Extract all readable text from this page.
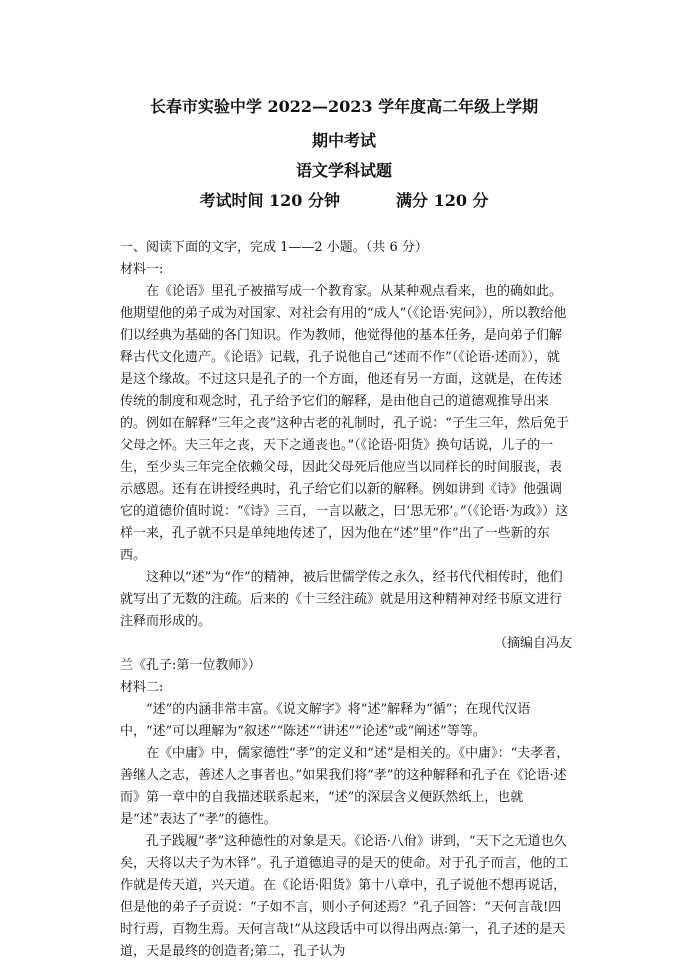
长春市实验中学 2022—2023 学年度高二年级上学期
期中考试
语文学科试题
考试时间 120 分钟	满分 120 分

一、阅读下面的文字，完成 1——2 小题。（共 6 分）

材料一:

在《论语》里孔子被描写成一个教育家。从某种观点看来，也的确如此。他期望他的弟子成为对国家、对社会有用的“成人”（《论语·宪问》），所以教给他们以经典为基础的各门知识。作为教师，他觉得他的基本任务，是向弟子们解释古代文化遗产。《论语》记载，孔子说他自己“述而不作”（《论语·述而》），就是这个缘故。不过这只是孔子的一个方面，他还有另一方面，这就是，在传述传统的制度和观念时，孔子给予它们的解释，是由他自己的道德观推导出来的。例如在解释“三年之丧”这种古老的礼制时，孔子说：“子生三年，然后免于父母之怀。夫三年之丧，天下之通丧也。”（《论语·阳货》换句话说，儿子的一生，至少头三年完全依赖父母，因此父母死后他应当以同样长的时间服丧，表示感恩。还有在讲授经典时，孔子给它们以新的解释。例如讲到《诗》他强调它的道德价值时说：“《诗》三百，一言以蔽之，曰‘思无邪’。”（《论语·为政》）这样一来，孔子就不只是单纯地传述了，因为他在“述”里“作”出了一些新的东西。

这种以“述”为“作”的精神，被后世儒学传之永久，经书代代相传时，他们就写出了无数的注疏。后来的《十三经注疏》就是用这种精神对经书原文进行注释而形成的。

（摘编自冯友

兰《孔子:第一位教师》）

材料二:

“述”的内涵非常丰富。《说文解字》将“述”解释为“循”；在现代汉语中，“述”可以理解为“叙述”“陈述”“讲述”“论述”或“阐述”等等。

在《中庸》中，儒家德性“孝”的定义和“述”是相关的。《中庸》：“夫孝者，善继人之志，善述人之事者也。”如果我们将“孝”的这种解释和孔子在《论语·述而》第一章中的自我描述联系起来，“述”的深层含义便跃然纸上，也就是“述”表达了“孝”的德性。

孔子践履“孝”这种德性的对象是天。《论语·八佾》讲到，“天下之无道也久矣，天将以夫子为木铎”。孔子道德追寻的是天的使命。对于孔子而言，他的工作就是传天道，兴天道。在《论语·阳货》第十八章中，孔子说他不想再说话，但是他的弟子子贡说：“子如不言，则小子何述焉？”孔子回答：“天何言哉!四时行焉，百物生焉。天何言哉!”从这段话中可以得出两点:第一，孔子述的是天道，天是最终的创造者;第二，孔子认为
